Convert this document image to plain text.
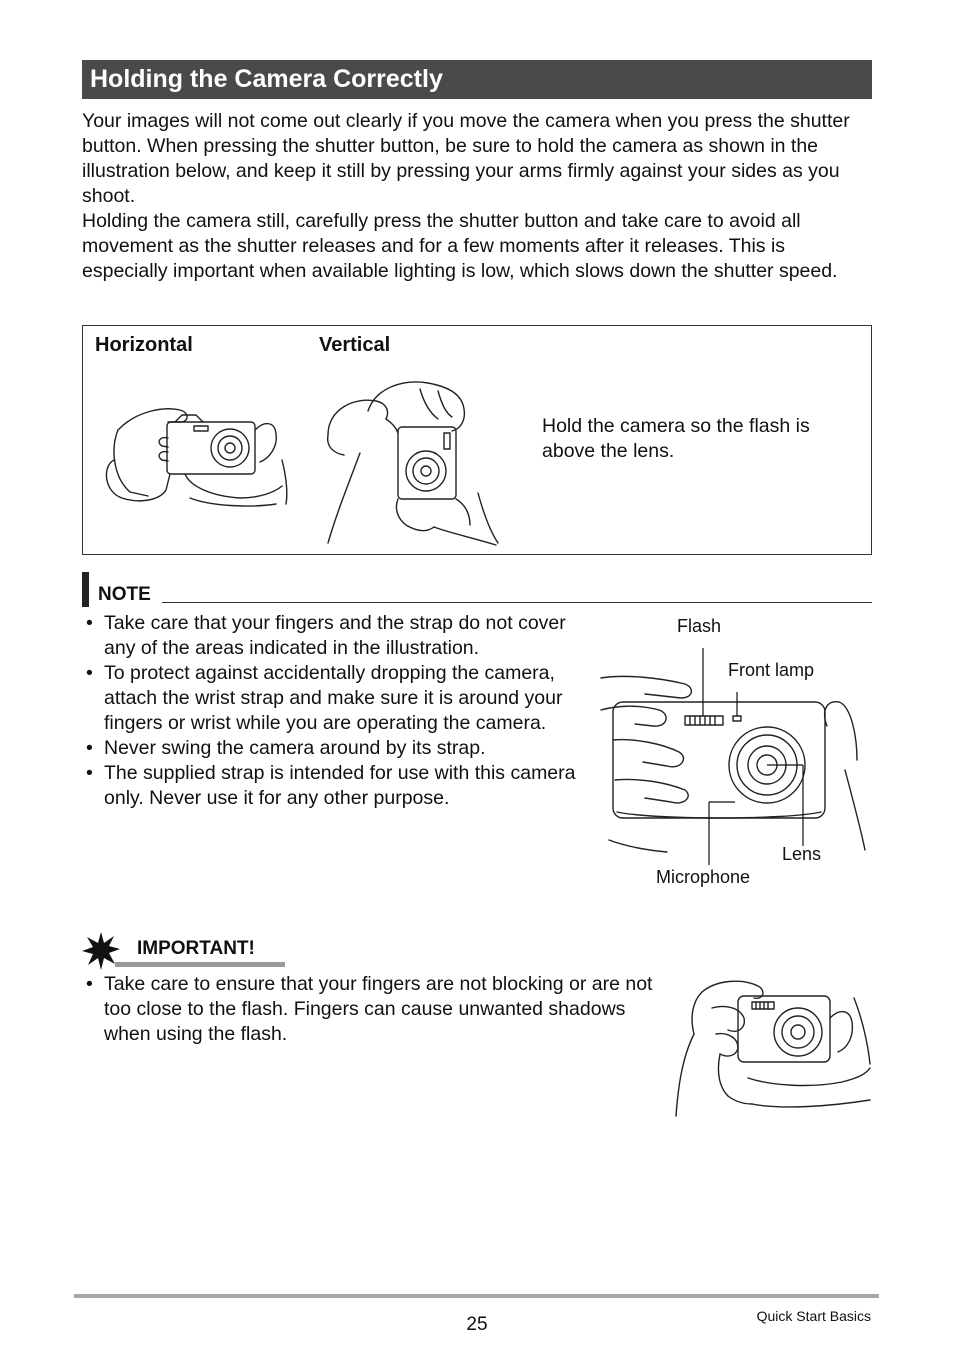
Holding the Camera Correctly

Your images will not come out clearly if you move the camera when you press the shutter button. When pressing the shutter button, be sure to hold the camera as shown in the illustration below, and keep it still by pressing your arms firmly against your sides as you shoot.

Holding the camera still, carefully press the shutter button and take care to avoid all movement as the shutter releases and for a few moments after it releases. This is especially important when available lighting is low, which slows down the shutter speed.

Horizontal	Vertical
Hold the camera so the flash is above the lens.
NOTE
• Take care that your fingers and the strap do not cover any of the areas indicated in the illustration.
• To protect against accidentally dropping the camera, attach the wrist strap and make sure it is around your fingers or wrist while you are operating the camera.
• Never swing the camera around by its strap.
• The supplied strap is intended for use with this camera only. Never use it for any other purpose.
Flash
Front lamp
Lens
Microphone
IMPORTANT!
• Take care to ensure that your fingers are not blocking or are not too close to the flash. Fingers can cause unwanted shadows when using the flash.
25	Quick Start Basics
